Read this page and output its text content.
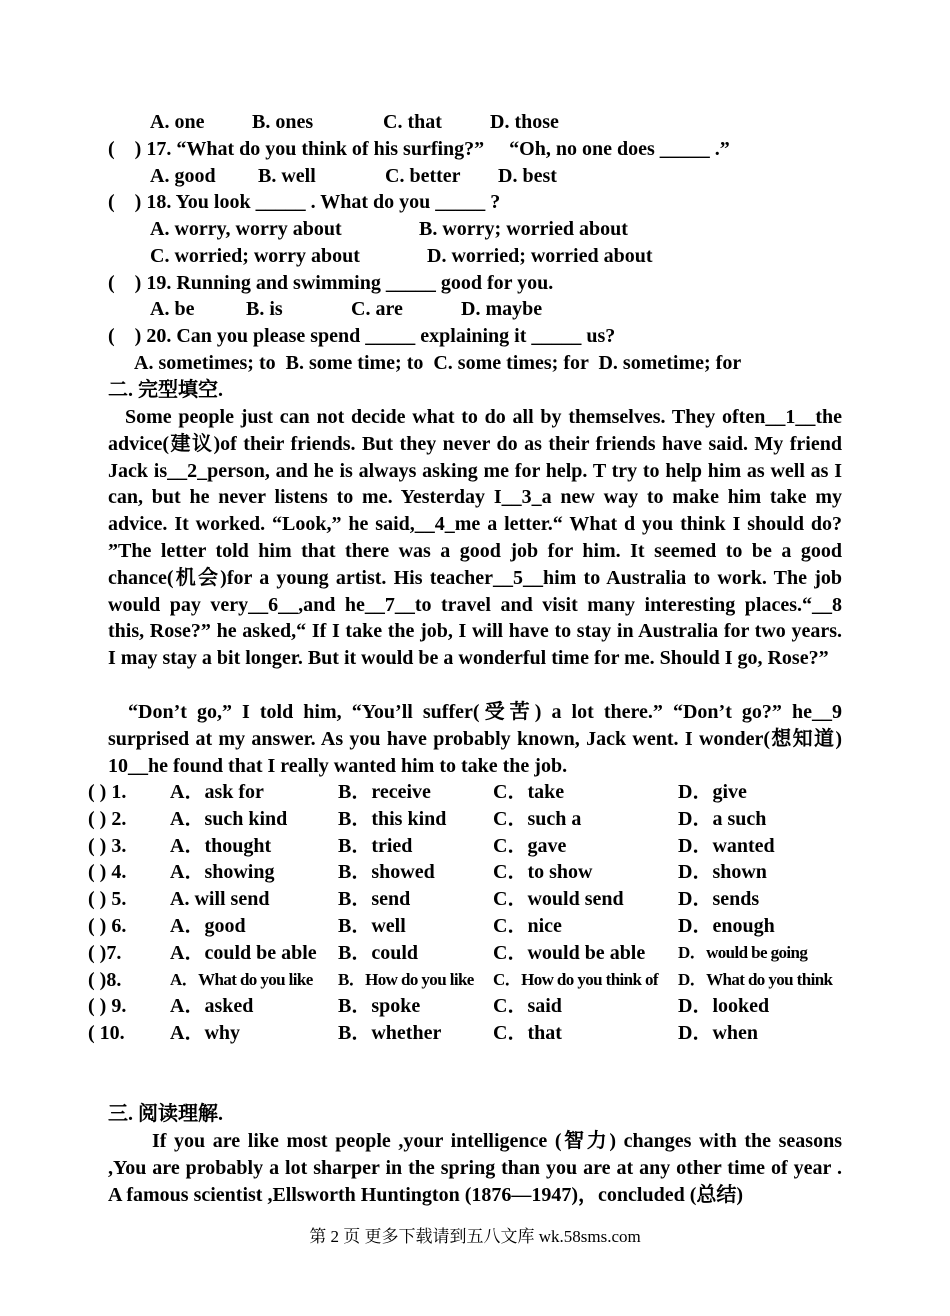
A. one B. ones	C. that D. those
( ) 17. “What do you think of his surfing?”  “Oh, no one does _____ .”
A. good B. well	C. better D. best
( ) 18. You look _____ . What do you _____ ?
A. worry, worry about	B. worry; worried about
C. worried; worry about	D. worried; worried about
( ) 19. Running and swimming _____ good for you.
A. be	B. is	C. are	D. maybe
( ) 20. Can you please spend _____ explaining it _____ us?
A. sometimes; to  B. some time; to  C. some times; for  D. sometime; for
二. 完型填空.
Some people just can not decide what to do all by themselves. They often__1__the advice(建议)of their friends. But they never do as their friends have said. My friend Jack is__2_person, and he is always asking me for help. T try to help him as well as I can, but he never listens to me. Yesterday I__3_a new way to make him take my advice. It worked. “Look,” he said,__4_me a letter.“ What d you think I should do? ”The letter told him that there was a good job for him. It seemed to be a good chance(机会)for a young artist. His teacher__5__him to Australia to work. The job would pay very__6__,and he__7__to travel and visit many interesting places.“__8 this, Rose?” he asked,“ If I take the job, I will have to stay in Australia for two years. I may stay a bit longer. But it would be a wonderful time for me. Should I go, Rose?”
“Don’t go,” I told him, “You’ll suffer(受苦) a lot there.” “Don’t go?” he__9 surprised at my answer. As you have probably known, Jack went. I wonder(想知道) 10__he found that I really wanted him to take the job.
( ) 1.	A．ask for	B．receive	C．take	D．give
( ) 2.	A．such kind	B．this kind	C．such a	D．a such
( ) 3.	A．thought	B．tried	C．gave	D．wanted
( ) 4.	A．showing	B．showed	C．to show	D．shown
( ) 5.	A. will send	B．send	C．would send	D．sends
( ) 6.	A．good	B．well	C．nice	D．enough
( )7.	A．could be able	B．could	C．would be able	D．would be going
( )8.	A．What do you like	B．How do you like	C．How do you think of	D．What do you think
( ) 9.	A．asked	B．spoke	C．said	D．looked
( 10.	A．why	B．whether	C．that	D．when
三. 阅读理解.
If you are like most people ,your intelligence (智力) changes with the seasons ,You are probably a lot sharper in the spring than you are at any other time of year . A famous scientist ,Ellsworth Huntington (1876—1947)，concluded (总结)
第 2 页 更多下载请到五八文库 wk.58sms.com
